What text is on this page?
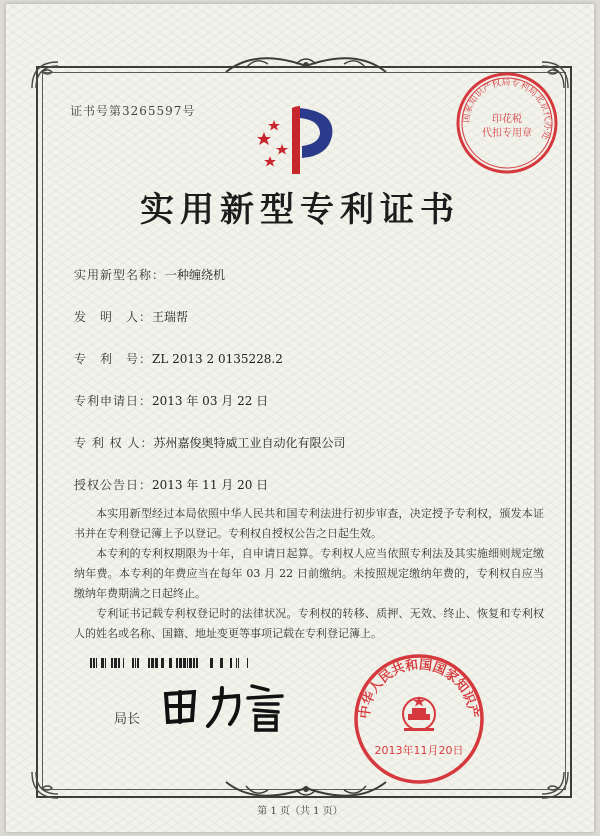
证书号第3265597号
国家知识产权局专利局北京代办处
印花税
代扣专用章
实用新型专利证书
实用新型名称：一种缠绕机
发　明　人：王瑞帮
专　利　号：ZL 2013 2 0135228.2
专利申请日：2013 年 03 月 22 日
专 利 权 人：苏州嘉俊奥特威工业自动化有限公司
授权公告日：2013 年 11 月 20 日

本实用新型经过本局依照中华人民共和国专利法进行初步审查，决定授予专利权，颁发本证书并在专利登记簿上予以登记。专利权自授权公告之日起生效。

本专利的专利权期限为十年，自申请日起算。专利权人应当依照专利法及其实施细则规定缴纳年费。本专利的年费应当在每年 03 月 22 日前缴纳。未按照规定缴纳年费的，专利权自应当缴纳年费期满之日起终止。

专利证书记载专利权登记时的法律状况。专利权的转移、质押、无效、终止、恢复和专利权人的姓名或名称、国籍、地址变更等事项记载在专利登记簿上。

局长	中华人民共和国国家知识产
2013年11月20日
第 1 页（共 1 页）
